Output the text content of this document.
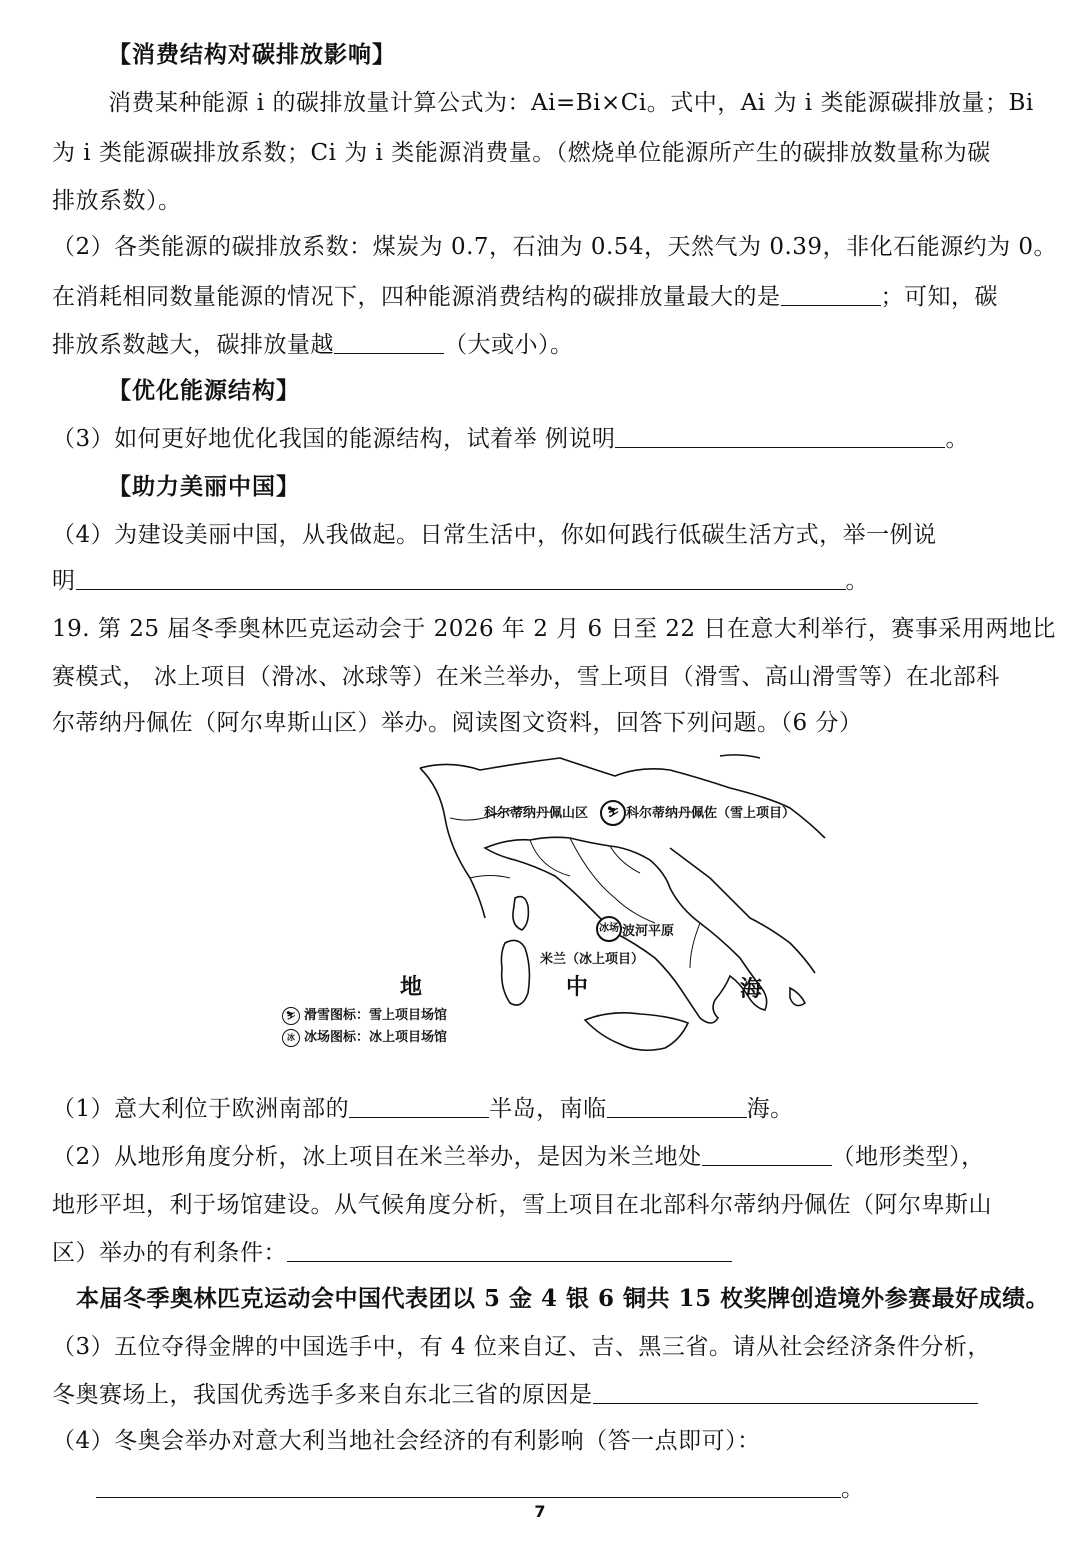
【消费结构对碳排放影响】
消费某种能源 i 的碳排放量计算公式为：Ai=Bi×Ci。式中，Ai 为 i 类能源碳排放量；Bi
为 i 类能源碳排放系数；Ci 为 i 类能源消费量。（燃烧单位能源所产生的碳排放数量称为碳
排放系数）。
（2）各类能源的碳排放系数：煤炭为 0.7，石油为 0.54，天然气为 0.39，非化石能源约为 0。
在消耗相同数量能源的情况下，四种能源消费结构的碳排放量最大的是	；可知，碳
排放系数越大，碳排放量越	（大或小）。
【优化能源结构】
（3）如何更好地优化我国的能源结构，试着举 例说明	。
【助力美丽中国】
（4）为建设美丽中国，从我做起。日常生活中，你如何践行低碳生活方式，举一例说
明	。
19. 第 25 届冬季奥林匹克运动会于 2026 年 2 月 6 日至 22 日在意大利举行，赛事采用两地比
赛模式， 冰上项目（滑冰、冰球等）在米兰举办，雪上项目（滑雪、高山滑雪等）在北部科
尔蒂纳丹佩佐（阿尔卑斯山区）举办。阅读图文资料，回答下列问题。（6 分）
⛷
科尔蒂纳丹佩山区	科尔蒂纳丹佩佐（雪上项目）
冰场 波河平原
米兰（冰上项目）
地	中	海
⛷ 滑雪图标：雪上项目场馆
冰 冰场图标：冰上项目场馆
（1）意大利位于欧洲南部的	半岛，南临	海。
（2）从地形角度分析，冰上项目在米兰举办，是因为米兰地处	（地形类型），
地形平坦，利于场馆建设。从气候角度分析，雪上项目在北部科尔蒂纳丹佩佐（阿尔卑斯山
区）举办的有利条件：
本届冬季奥林匹克运动会中国代表团以 5 金 4 银 6 铜共 15 枚奖牌创造境外参赛最好成绩。
（3）五位夺得金牌的中国选手中，有 4 位来自辽、吉、黑三省。请从社会经济条件分析，
冬奥赛场上，我国优秀选手多来自东北三省的原因是
（4）冬奥会举办对意大利当地社会经济的有利影响（答一点即可）：
。
7
